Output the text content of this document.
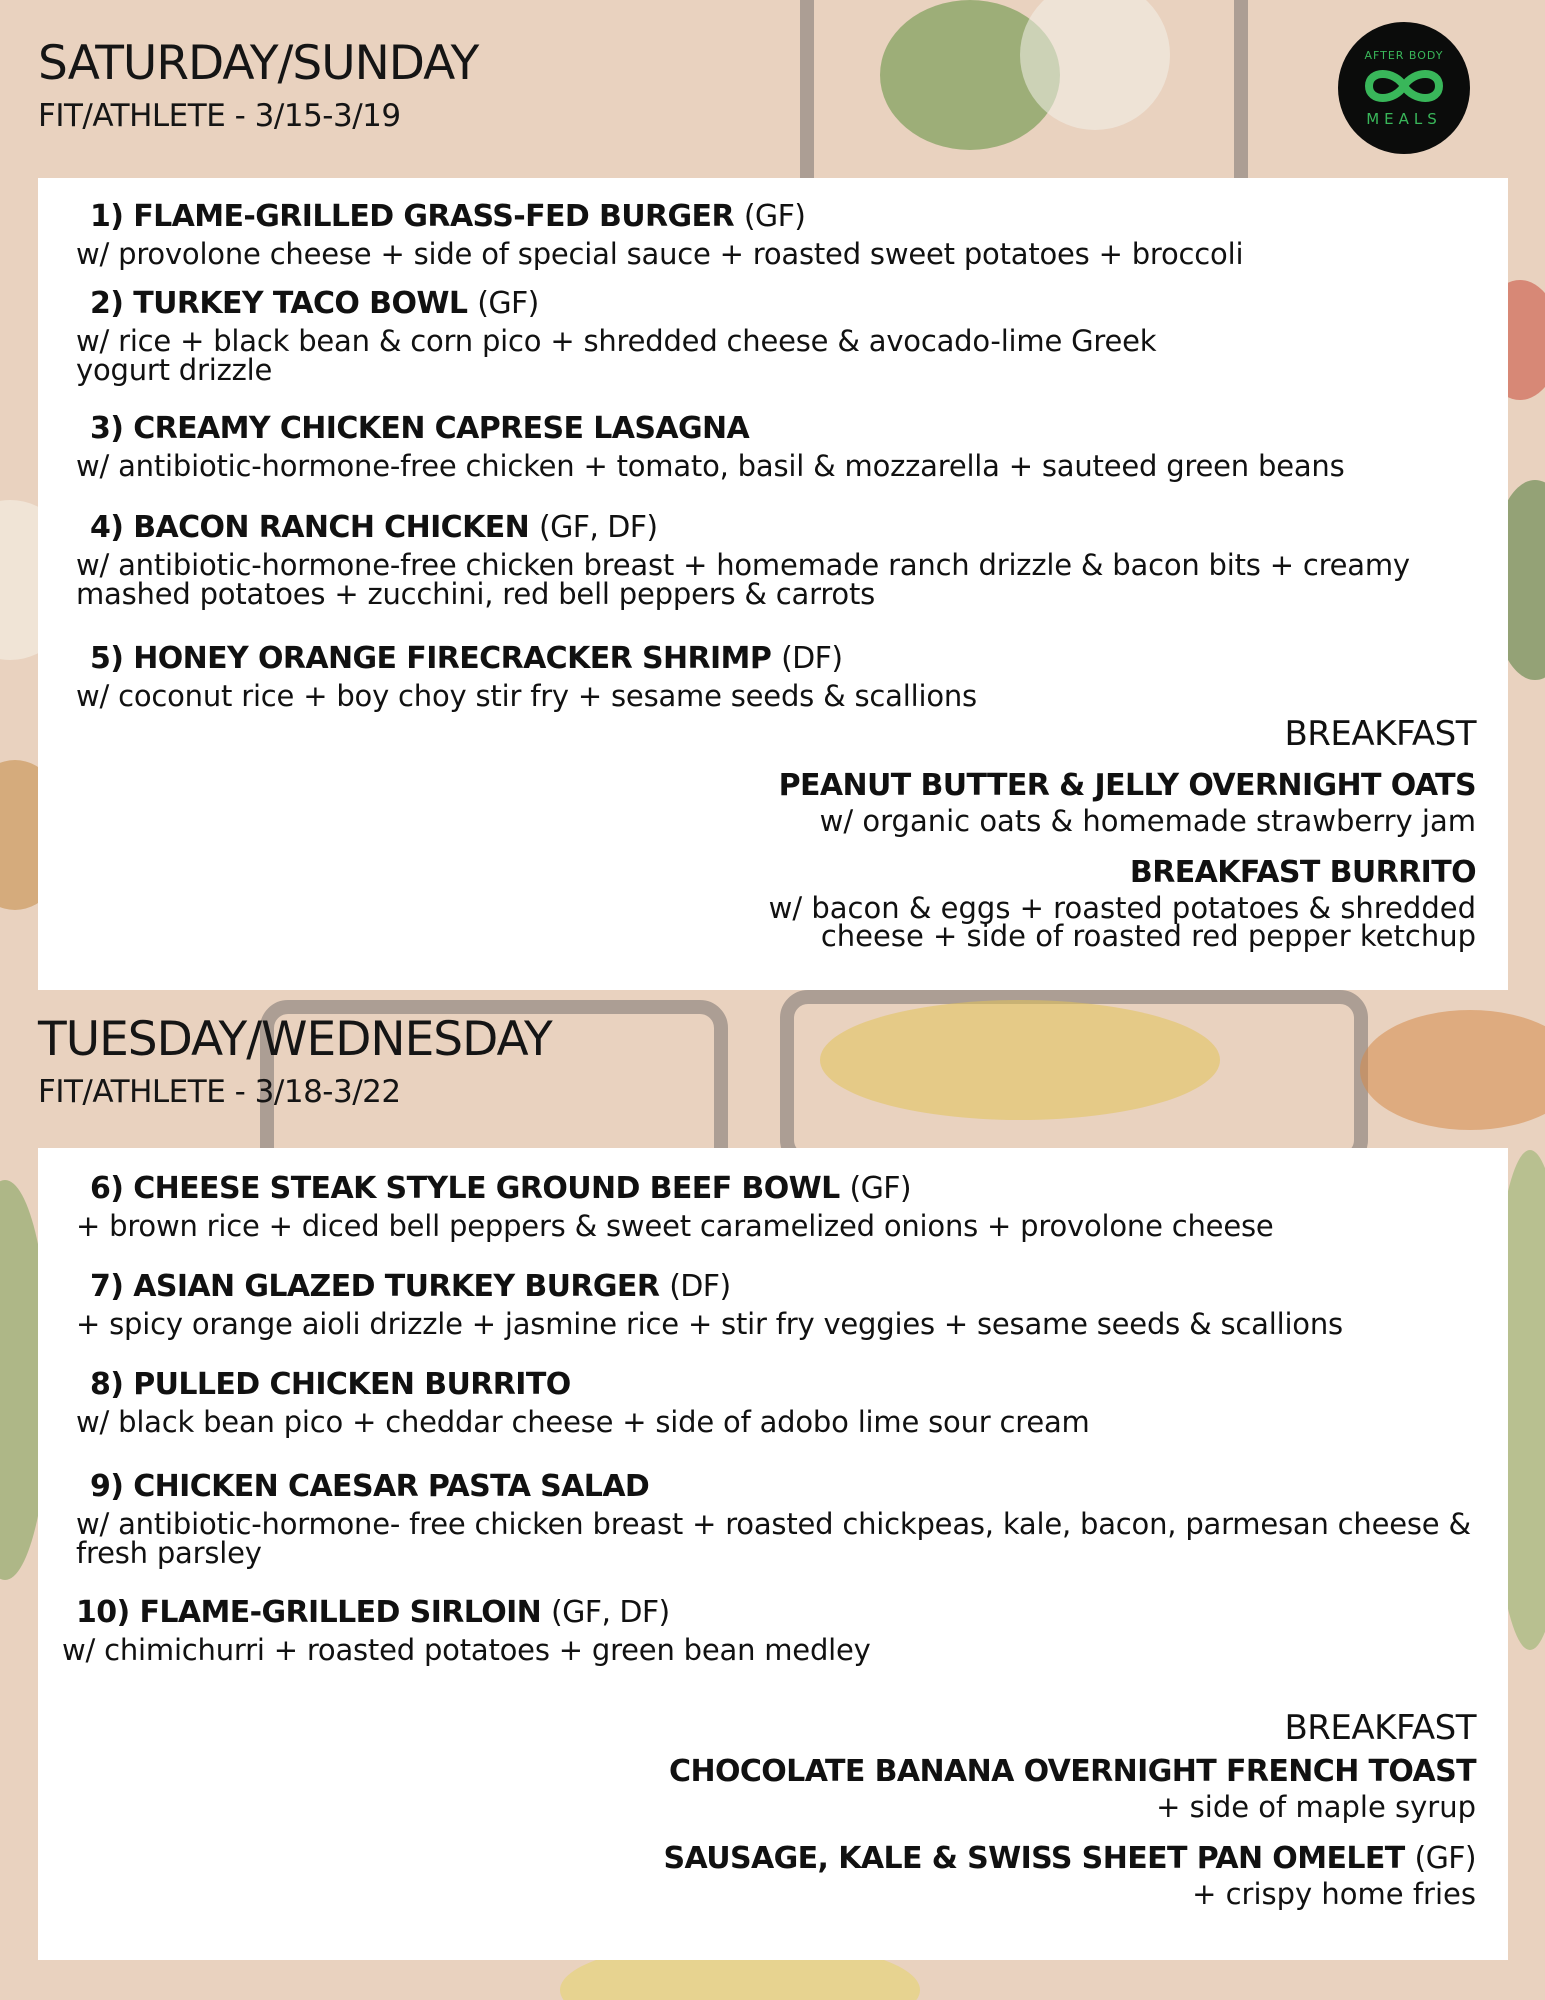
SATURDAY/SUNDAY

FIT/ATHLETE - 3/15-3/19

AFTER BODY
MEALS

1) FLAME-GRILLED GRASS-FED BURGER (GF)

w/ provolone cheese + side of special sauce + roasted sweet potatoes + broccoli

2) TURKEY TACO BOWL (GF)

w/ rice + black bean & corn pico + shredded cheese & avocado-lime Greek yogurt drizzle

3) CREAMY CHICKEN CAPRESE LASAGNA

w/ antibiotic-hormone-free chicken + tomato, basil & mozzarella + sauteed green beans

4) BACON RANCH CHICKEN (GF, DF)

w/ antibiotic-hormone-free chicken breast + homemade ranch drizzle & bacon bits + creamy mashed potatoes + zucchini, red bell peppers & carrots

5) HONEY ORANGE FIRECRACKER SHRIMP (DF)

w/ coconut rice + boy choy stir fry + sesame seeds & scallions

BREAKFAST

PEANUT BUTTER & JELLY OVERNIGHT OATS

w/ organic oats & homemade strawberry jam

BREAKFAST BURRITO

w/ bacon & eggs + roasted potatoes & shredded cheese + side of roasted red pepper ketchup

TUESDAY/WEDNESDAY

FIT/ATHLETE - 3/18-3/22

6) CHEESE STEAK STYLE GROUND BEEF BOWL (GF)

+ brown rice + diced bell peppers & sweet caramelized onions + provolone cheese

7) ASIAN GLAZED TURKEY BURGER (DF)

+ spicy orange aioli drizzle + jasmine rice + stir fry veggies + sesame seeds & scallions

8) PULLED CHICKEN BURRITO

w/ black bean pico + cheddar cheese + side of adobo lime sour cream

9) CHICKEN CAESAR PASTA SALAD

w/ antibiotic-hormone- free chicken breast + roasted chickpeas, kale, bacon, parmesan cheese & fresh parsley

10) FLAME-GRILLED SIRLOIN (GF, DF)

w/ chimichurri + roasted potatoes + green bean medley

BREAKFAST

CHOCOLATE BANANA OVERNIGHT FRENCH TOAST

+ side of maple syrup

SAUSAGE, KALE & SWISS SHEET PAN OMELET (GF)

+ crispy home fries
